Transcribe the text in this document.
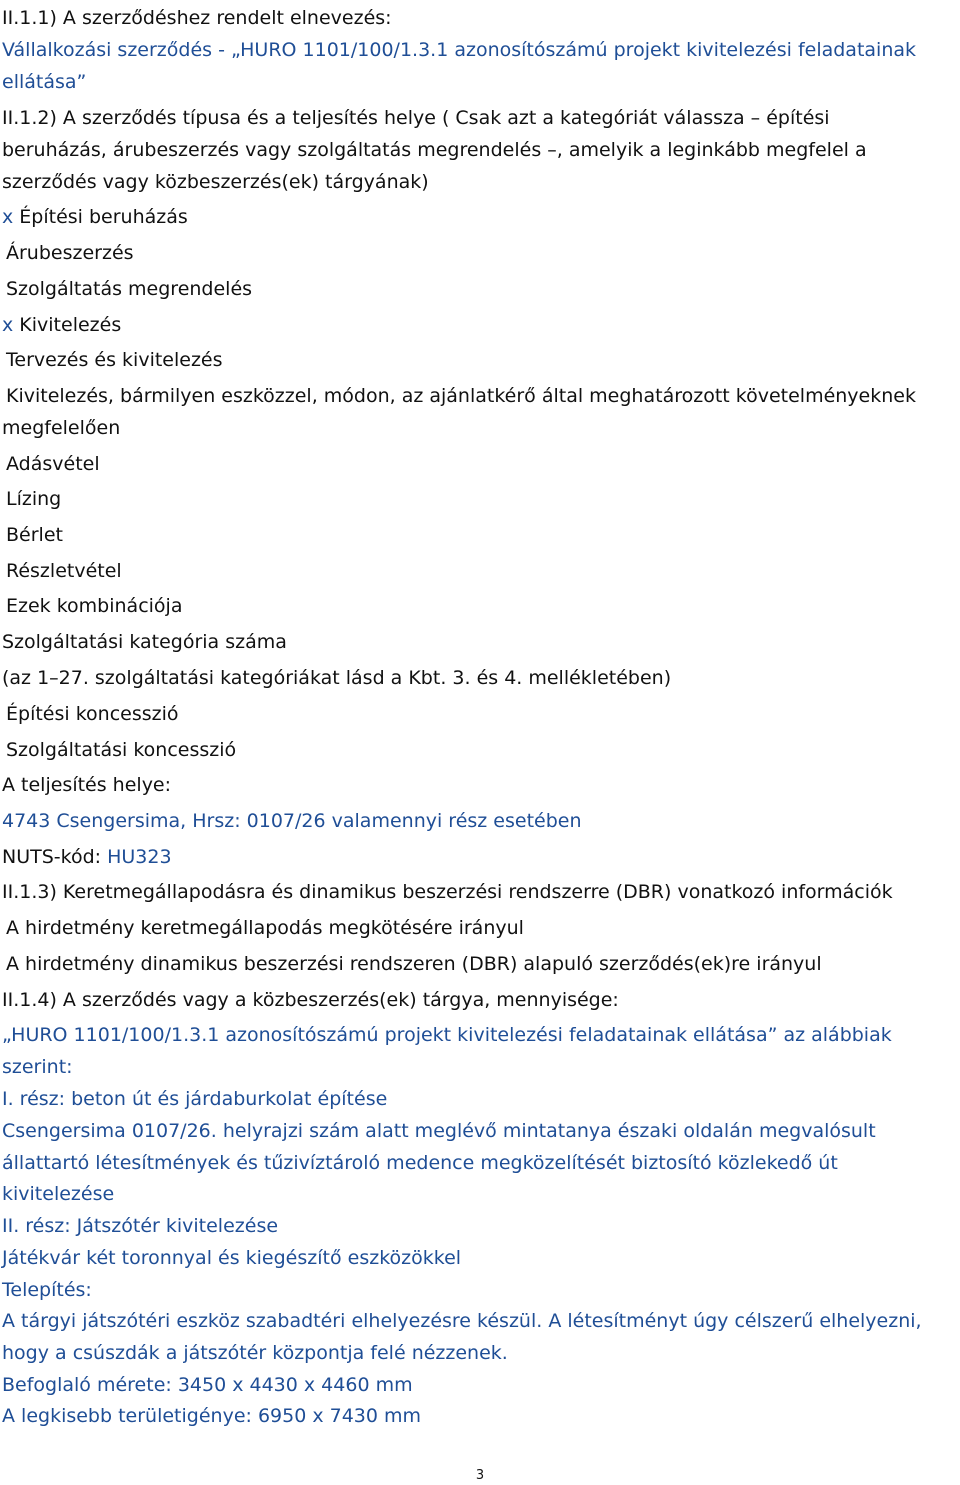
II.1.1) A szerződéshez rendelt elnevezés:
Vállalkozási szerződés - „HURO 1101/100/1.3.1 azonosítószámú projekt kivitelezési feladatainak
ellátása”
II.1.2) A szerződés típusa és a teljesítés helye ( Csak azt a kategóriát válassza – építési
beruházás, árubeszerzés vagy szolgáltatás megrendelés –, amelyik a leginkább megfelel a
szerződés vagy közbeszerzés(ek) tárgyának)
x Építési beruházás
Árubeszerzés
Szolgáltatás megrendelés
x Kivitelezés
Tervezés és kivitelezés
Kivitelezés, bármilyen eszközzel, módon, az ajánlatkérő által meghatározott követelményeknek
megfelelően
Adásvétel
Lízing
Bérlet
Részletvétel
Ezek kombinációja
Szolgáltatási kategória száma
(az 1–27. szolgáltatási kategóriákat lásd a Kbt. 3. és 4. mellékletében)
Építési koncesszió
Szolgáltatási koncesszió
A teljesítés helye:
4743 Csengersima, Hrsz: 0107/26 valamennyi rész esetében
NUTS-kód: HU323
II.1.3) Keretmegállapodásra és dinamikus beszerzési rendszerre (DBR) vonatkozó információk
A hirdetmény keretmegállapodás megkötésére irányul
A hirdetmény dinamikus beszerzési rendszeren (DBR) alapuló szerződés(ek)re irányul
II.1.4) A szerződés vagy a közbeszerzés(ek) tárgya, mennyisége:
„HURO 1101/100/1.3.1 azonosítószámú projekt kivitelezési feladatainak ellátása” az alábbiak
szerint:
I. rész: beton út és járdaburkolat építése
Csengersima 0107/26. helyrajzi szám alatt meglévő mintatanya északi oldalán megvalósult
állattartó létesítmények és tűzivíztároló medence megközelítését biztosító közlekedő út
kivitelezése
II. rész: Játszótér kivitelezése
Játékvár két toronnyal és kiegészítő eszközökkel
Telepítés:
A tárgyi játszótéri eszköz szabadtéri elhelyezésre készül. A létesítményt úgy célszerű elhelyezni,
hogy a csúszdák a játszótér központja felé nézzenek.
Befoglaló mérete: 3450 x 4430 x 4460 mm
A legkisebb területigénye: 6950 x 7430 mm
3
